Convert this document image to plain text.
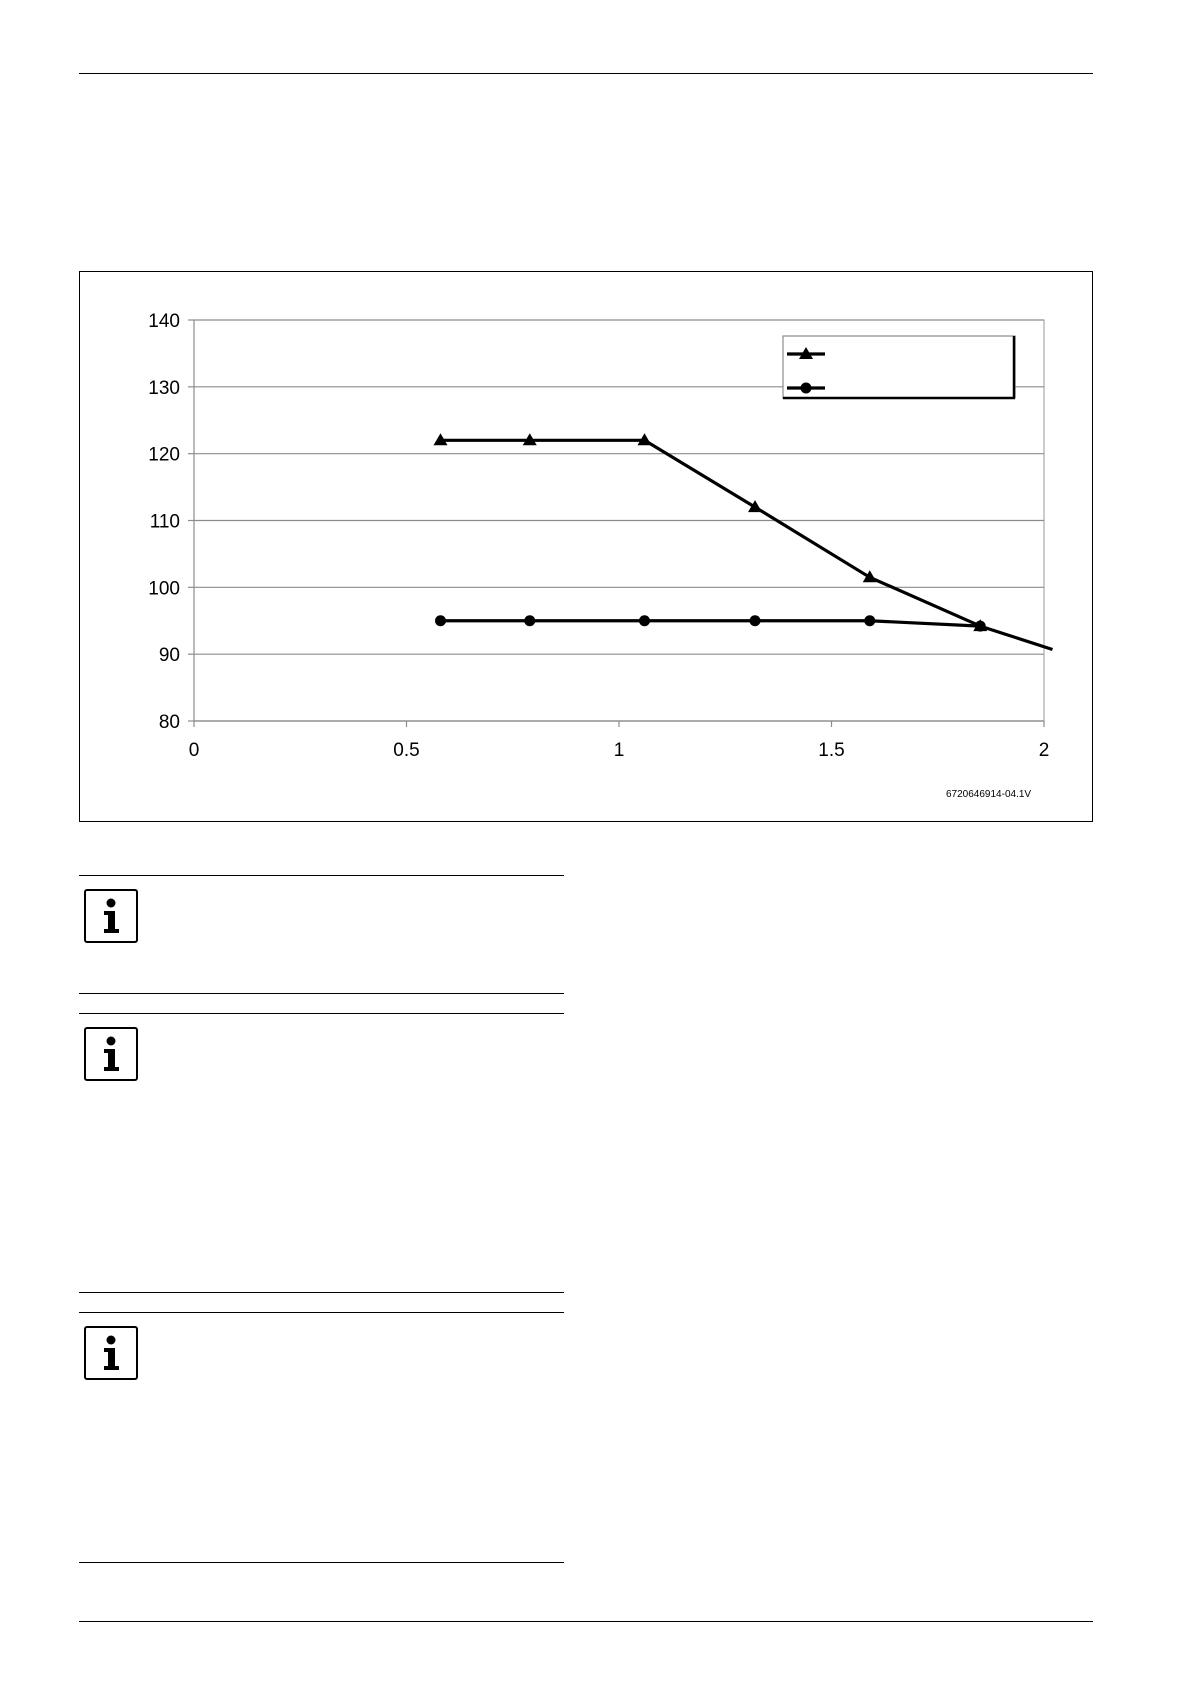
80
90
100
110
120
130
140
0	0.5	1	1.5	2
6720646914-04.1V
